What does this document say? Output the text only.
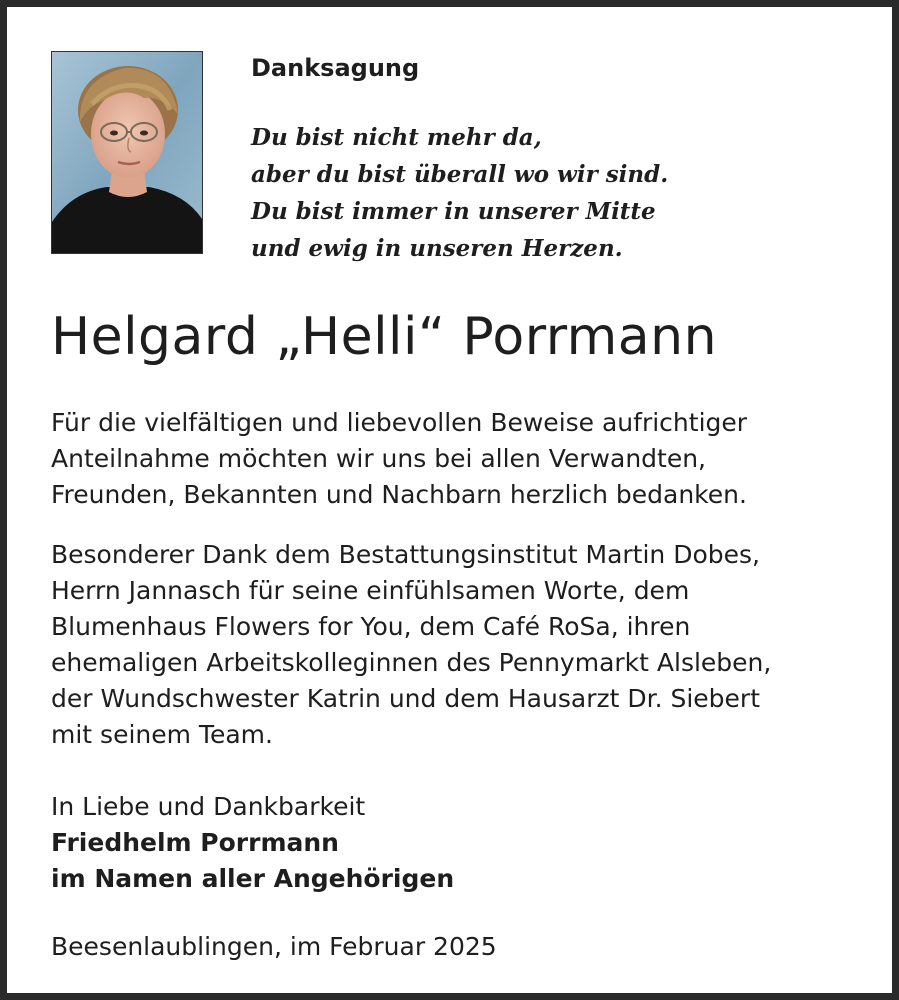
Danksagung
Du bist nicht mehr da,
aber du bist überall wo wir sind.
Du bist immer in unserer Mitte
und ewig in unseren Herzen.
Helgard „Helli“ Porrmann
Für die vielfältigen und liebevollen Beweise aufrichtiger
Anteilnahme möchten wir uns bei allen Verwandten,
Freunden, Bekannten und Nachbarn herzlich bedanken.
Besonderer Dank dem Bestattungsinstitut Martin Dobes,
Herrn Jannasch für seine einfühlsamen Worte, dem
Blumenhaus Flowers for You, dem Café RoSa, ihren
ehemaligen Arbeitskolleginnen des Pennymarkt Alsleben,
der Wundschwester Katrin und dem Hausarzt Dr. Siebert
mit seinem Team.
In Liebe und Dankbarkeit
Friedhelm Porrmann
im Namen aller Angehörigen
Beesenlaublingen, im Februar 2025
